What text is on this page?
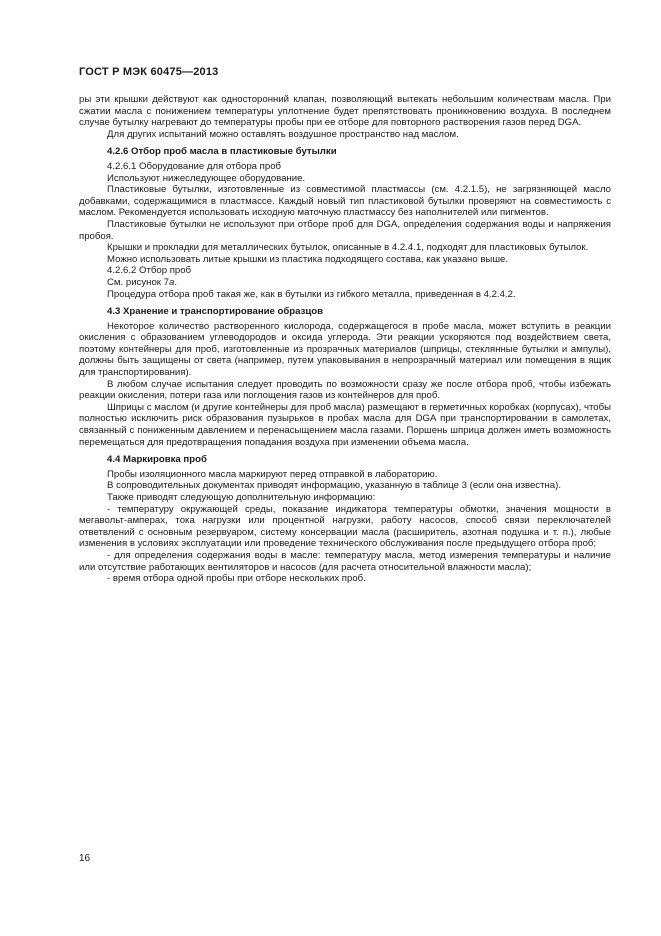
ГОСТ Р МЭК 60475—2013

ры эти крышки действуют как односторонний клапан, позволяющий вытекать небольшим количествам масла. При сжатии масла с понижением температуры уплотнение будет препятствовать проникновению воздуха. В последнем случае бутылку нагревают до температуры пробы при ее отборе для повторного растворения газов перед DGA.

Для других испытаний можно оставлять воздушное пространство над маслом.

4.2.6 Отбор проб масла в пластиковые бутылки

4.2.6.1 Оборудование для отбора проб

Используют нижеследующее оборудование.

Пластиковые бутылки, изготовленные из совместимой пластмассы (см. 4.2.1.5), не загрязняющей масло добавками, содержащимися в пластмассе. Каждый новый тип пластиковой бутылки проверяют на совместимость с маслом. Рекомендуется использовать исходную маточную пластмассу без наполнителей или пигментов.

Пластиковые бутылки не используют при отборе проб для DGA, определения содержания воды и напряжения пробоя.

Крышки и прокладки для металлических бутылок, описанные в 4.2.4.1, подходят для пластиковых бутылок.

Можно использовать литые крышки из пластика подходящего состава, как указано выше.

4.2.6.2 Отбор проб

См. рисунок 7а.

Процедура отбора проб такая же, как в бутылки из гибкого металла, приведенная в 4.2.4.2.

4.3 Хранение и транспортирование образцов

Некоторое количество растворенного кислорода, содержащегося в пробе масла, может вступить в реакции окисления с образованием углеводородов и оксида углерода. Эти реакции ускоряются под воздействием света, поэтому контейнеры для проб, изготовленные из прозрачных материалов (шприцы, стеклянные бутылки и ампулы), должны быть защищены от света (например, путем упаковывания в непрозрачный материал или помещения в ящик для транспортирования).

В любом случае испытания следует проводить по возможности сразу же после отбора проб, чтобы избежать реакции окисления, потери газа или поглощения газов из контейнеров для проб.

Шприцы с маслом (и другие контейнеры для проб масла) размещают в герметичных коробках (корпусах), чтобы полностью исключить риск образования пузырьков в пробах масла для DGA при транспортировании в самолетах, связанный с пониженным давлением и перенасыщением масла газами. Поршень шприца должен иметь возможность перемещаться для предотвращения попадания воздуха при изменении объема масла.

4.4 Маркировка проб

Пробы изоляционного масла маркируют перед отправкой в лабораторию.

В сопроводительных документах приводят информацию, указанную в таблице 3 (если она известна).

Также приводят следующую дополнительную информацию:

- температуру окружающей среды, показание индикатора температуры обмотки, значения мощности в мегавольт-амперах, тока нагрузки или процентной нагрузки, работу насосов, способ связи переключателей ответвлений с основным резервуаром, систему консервации масла (расширитель, азотная подушка и т. п.), любые изменения в условиях эксплуатации или проведение технического обслуживания после предыдущего отбора проб;

- для определения содержания воды в масле: температуру масла, метод измерения температуры и наличие или отсутствие работающих вентиляторов и насосов (для расчета относительной влажности масла);

- время отбора одной пробы при отборе нескольких проб.

16
